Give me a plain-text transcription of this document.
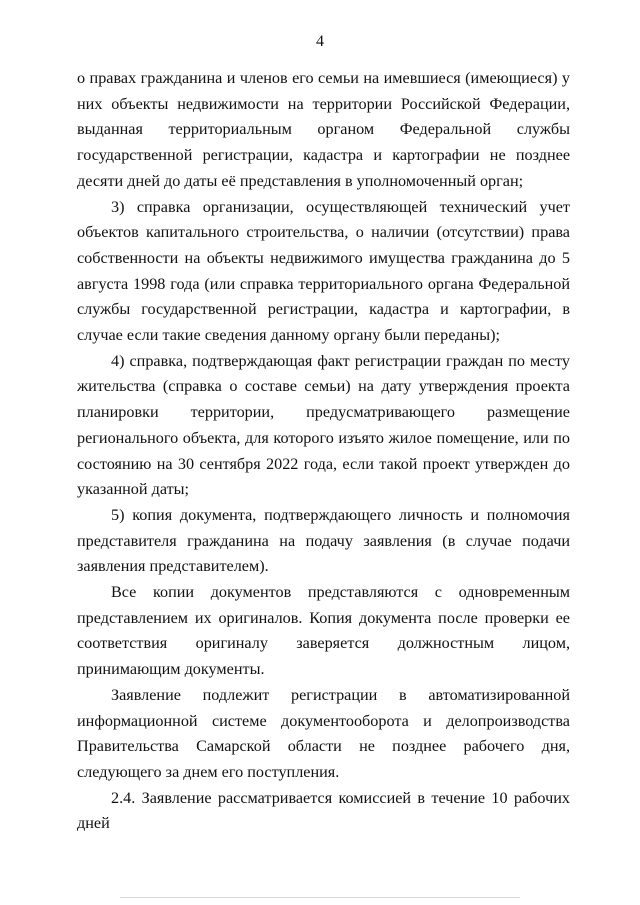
4

о правах гражданина и членов его семьи на имевшиеся (имеющиеся) у них объекты недвижимости на территории Российской Федерации, выданная территориальным органом Федеральной службы государственной регистрации, кадастра и картографии не позднее десяти дней до даты её представления в уполномоченный орган;

3) справка организации, осуществляющей технический учет объектов капитального строительства, о наличии (отсутствии) права собственности на объекты недвижимого имущества гражданина до 5 августа 1998 года (или справка территориального органа Федеральной службы государственной регистрации, кадастра и картографии, в случае если такие сведения данному органу были переданы);

4) справка, подтверждающая факт регистрации граждан по месту жительства (справка о составе семьи) на дату утверждения проекта планировки территории, предусматривающего размещение регионального объекта, для которого изъято жилое помещение, или по состоянию на 30 сентября 2022 года, если такой проект утвержден до указанной даты;

5) копия документа, подтверждающего личность и полномочия представителя гражданина на подачу заявления (в случае подачи заявления представителем).

Все копии документов представляются с одновременным представлением их оригиналов. Копия документа после проверки ее соответствия оригиналу заверяется должностным лицом, принимающим документы.

Заявление подлежит регистрации в автоматизированной информационной системе документооборота и делопроизводства Правительства Самарской области не позднее рабочего дня, следующего за днем его поступления.

2.4. Заявление рассматривается комиссией в течение 10 рабочих дней
